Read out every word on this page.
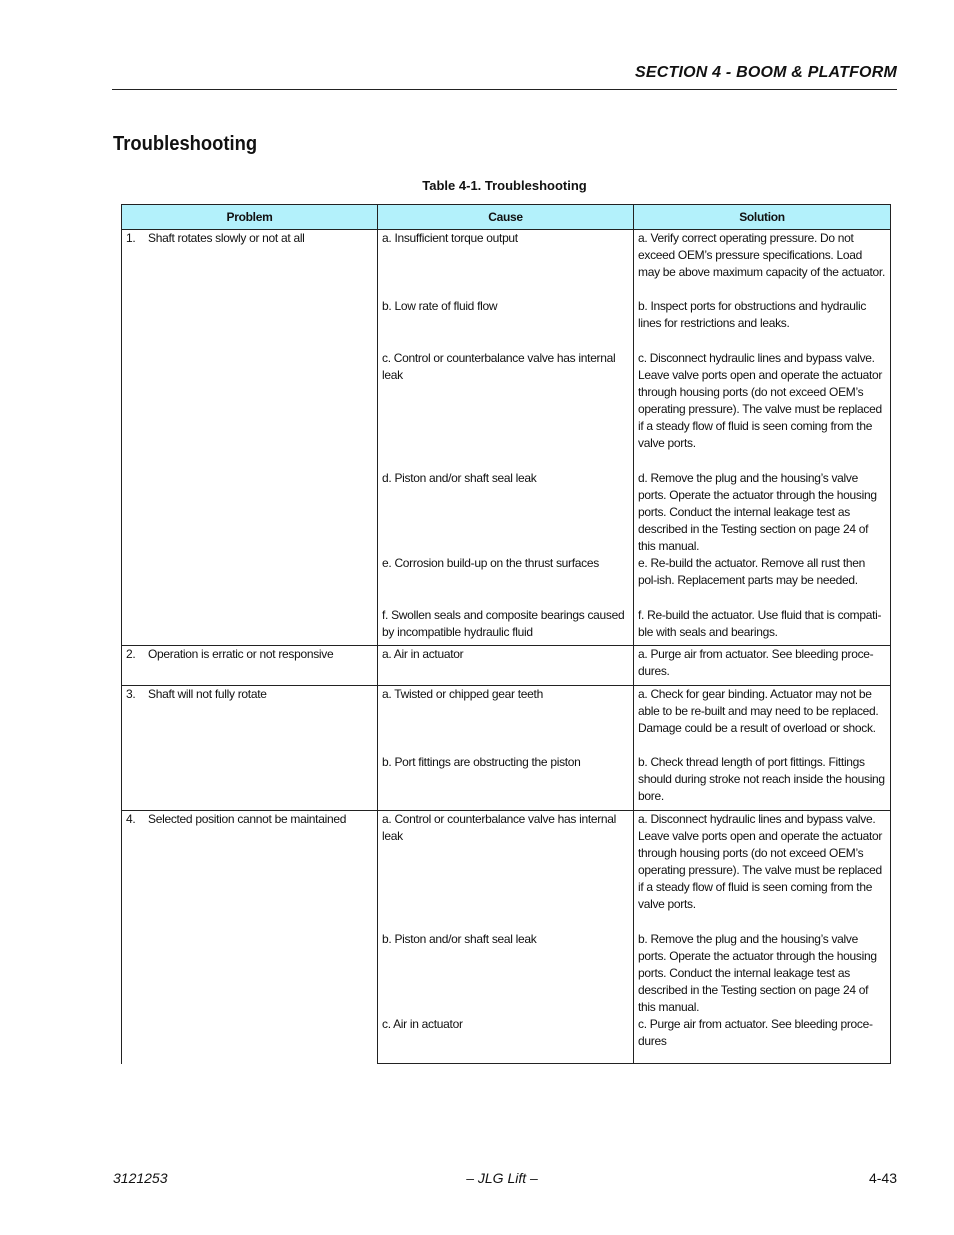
SECTION 4 - BOOM & PLATFORM
Troubleshooting
Table 4-1. Troubleshooting
Problem	Cause	Solution
1. Shaft rotates slowly or not at all	a. Insufficient torque output	a. Verify correct operating pressure. Do not exceed OEM’s pressure specifications. Load may be above maximum capacity of the actuator.
	b. Low rate of fluid flow	b. Inspect ports for obstructions and hydraulic lines for restrictions and leaks.
	c. Control or counterbalance valve has internal leak	c. Disconnect hydraulic lines and bypass valve. Leave valve ports open and operate the actuator through housing ports (do not exceed OEM’s operating pressure). The valve must be replaced if a steady flow of fluid is seen coming from the valve ports.
	d. Piston and/or shaft seal leak	d. Remove the plug and the housing’s valve ports. Operate the actuator through the housing ports. Conduct the internal leakage test as described in the Testing section on page 24 of this manual.
	e. Corrosion build-up on the thrust surfaces	e. Re-build the actuator. Remove all rust then pol-ish. Replacement parts may be needed.
	f. Swollen seals and composite bearings caused by incompatible hydraulic fluid	f. Re-build the actuator. Use fluid that is compati-ble with seals and bearings.
2. Operation is erratic or not responsive	a. Air in actuator	a. Purge air from actuator. See bleeding proce-dures.
3. Shaft will not fully rotate	a. Twisted or chipped gear teeth	a. Check for gear binding. Actuator may not be able to be re-built and may need to be replaced. Damage could be a result of overload or shock.
	b. Port fittings are obstructing the piston	b. Check thread length of port fittings. Fittings should during stroke not reach inside the housing bore.
4. Selected position cannot be maintained	a. Control or counterbalance valve has internal leak	a. Disconnect hydraulic lines and bypass valve. Leave valve ports open and operate the actuator through housing ports (do not exceed OEM’s operating pressure). The valve must be replaced if a steady flow of fluid is seen coming from the valve ports.
	b. Piston and/or shaft seal leak	b. Remove the plug and the housing’s valve ports. Operate the actuator through the housing ports. Conduct the internal leakage test as described in the Testing section on page 24 of this manual.
	c. Air in actuator	c. Purge air from actuator. See bleeding proce-dures
3121253	– JLG Lift –	4-43
